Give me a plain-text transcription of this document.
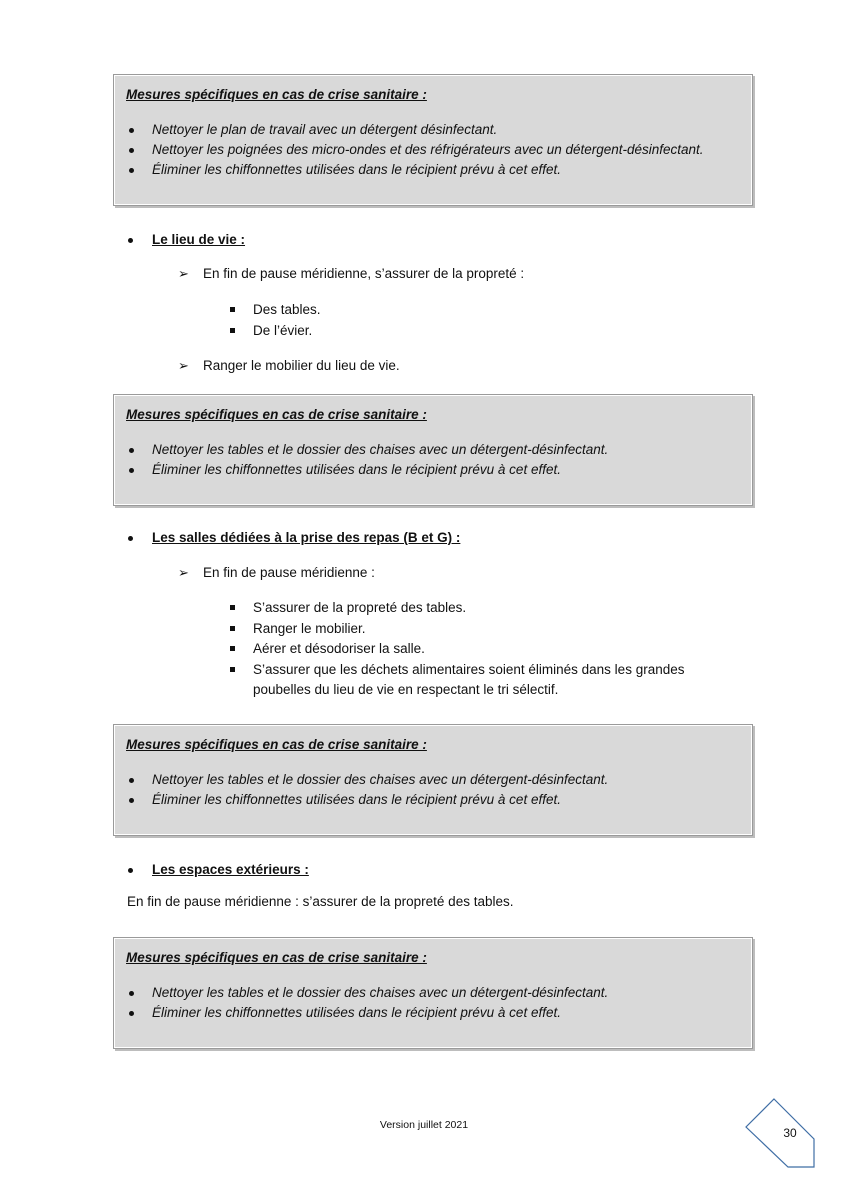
Mesures spécifiques en cas de crise sanitaire :

Nettoyer le plan de travail avec un détergent désinfectant.
Nettoyer les poignées des micro-ondes et des réfrigérateurs avec un détergent-désinfectant.
Éliminer les chiffonnettes utilisées dans le récipient prévu à cet effet.
Le lieu de vie :
➢ En fin de pause méridienne, s’assurer de la propreté :
Des tables.
De l’évier.
➢ Ranger le mobilier du lieu de vie.

Mesures spécifiques en cas de crise sanitaire :

Nettoyer les tables et le dossier des chaises avec un détergent-désinfectant.
Éliminer les chiffonnettes utilisées dans le récipient prévu à cet effet.
Les salles dédiées à la prise des repas (B et G) :
➢ En fin de pause méridienne :
S’assurer de la propreté des tables.
Ranger le mobilier.
Aérer et désodoriser la salle.
S’assurer que les déchets alimentaires soient éliminés dans les grandes poubelles du lieu de vie en respectant le tri sélectif.

Mesures spécifiques en cas de crise sanitaire :

Nettoyer les tables et le dossier des chaises avec un détergent-désinfectant.
Éliminer les chiffonnettes utilisées dans le récipient prévu à cet effet.
Les espaces extérieurs :
En fin de pause méridienne : s’assurer de la propreté des tables.

Mesures spécifiques en cas de crise sanitaire :

Nettoyer les tables et le dossier des chaises avec un détergent-désinfectant.
Éliminer les chiffonnettes utilisées dans le récipient prévu à cet effet.
Version juillet 2021
30
